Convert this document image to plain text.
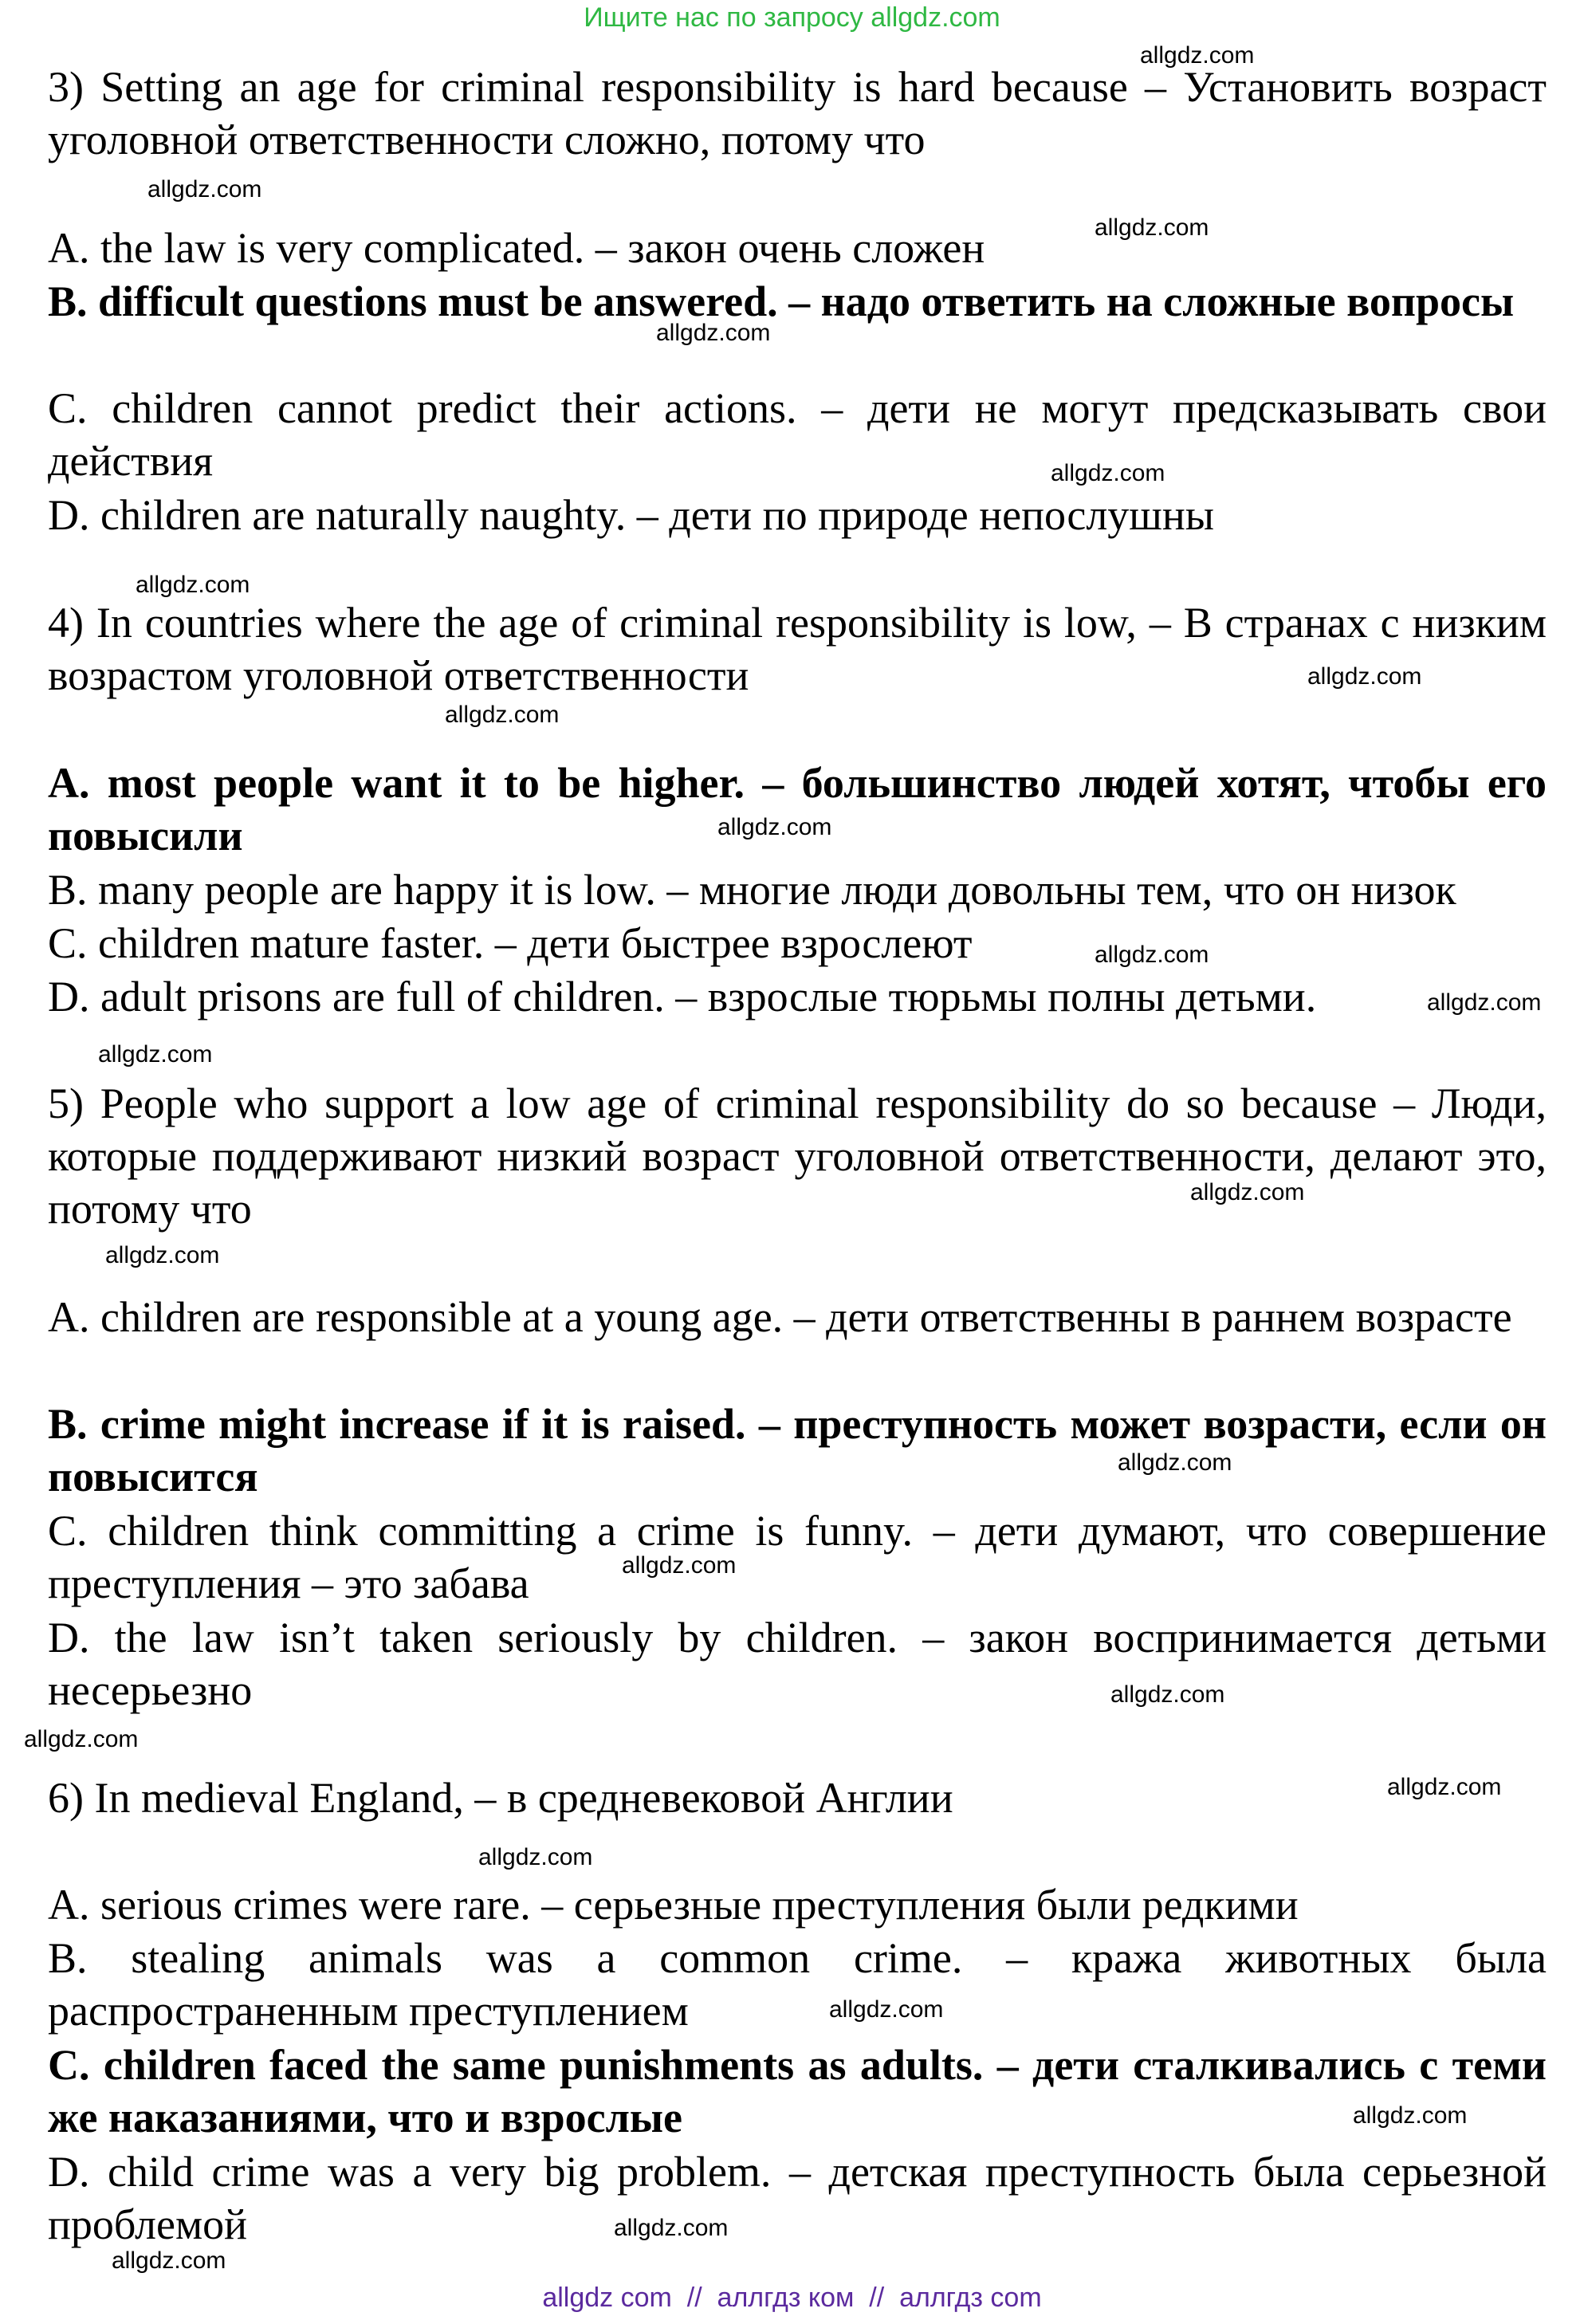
Ищите нас по запросу allgdz.com

3) Setting an age for criminal responsibility is hard because – Установить возраст уголовной ответственности сложно, потому что

A. the law is very complicated. – закон очень сложен

B. difficult questions must be answered. – надо ответить на сложные вопросы

C. children cannot predict their actions. – дети не могут предсказывать свои действия

D. children are naturally naughty. – дети по природе непослушны

4) In countries where the age of criminal responsibility is low, – В странах с низким возрастом уголовной ответственности

A. most people want it to be higher. – большинство людей хотят, чтобы его повысили

B. many people are happy it is low. – многие люди довольны тем, что он низок

C. children mature faster. – дети быстрее взрослеют

D. adult prisons are full of children. – взрослые тюрьмы полны детьми.

5) People who support a low age of criminal responsibility do so because – Люди, которые поддерживают низкий возраст уголовной ответственности, делают это, потому что

A. children are responsible at a young age. – дети ответственны в раннем возрасте

B. crime might increase if it is raised. – преступность может возрасти, если он повысится

C. children think committing a crime is funny. – дети думают, что совершение преступления – это забава

D. the law isn’t taken seriously by children. – закон воспринимается детьми несерьезно

6) In medieval England, – в средневековой Англии

A. serious crimes were rare. – серьезные преступления были редкими

B. stealing animals was a common crime. – кража животных была распространенным преступлением

C. children faced the same punishments as adults. – дети сталкивались с теми же наказаниями, что и взрослые

D. child crime was a very big problem. – детская преступность была серьезной проблемой

allgdz.com
allgdz.com
allgdz.com
allgdz.com
allgdz.com
allgdz.com
allgdz.com
allgdz.com
allgdz.com
allgdz.com
allgdz.com
allgdz.com
allgdz.com
allgdz.com
allgdz.com
allgdz.com
allgdz.com
allgdz.com
allgdz.com
allgdz.com
allgdz.com
allgdz.com
allgdz.com
allgdz.com
allgdz com  //  аллгдз ком  //  аллгдз com
